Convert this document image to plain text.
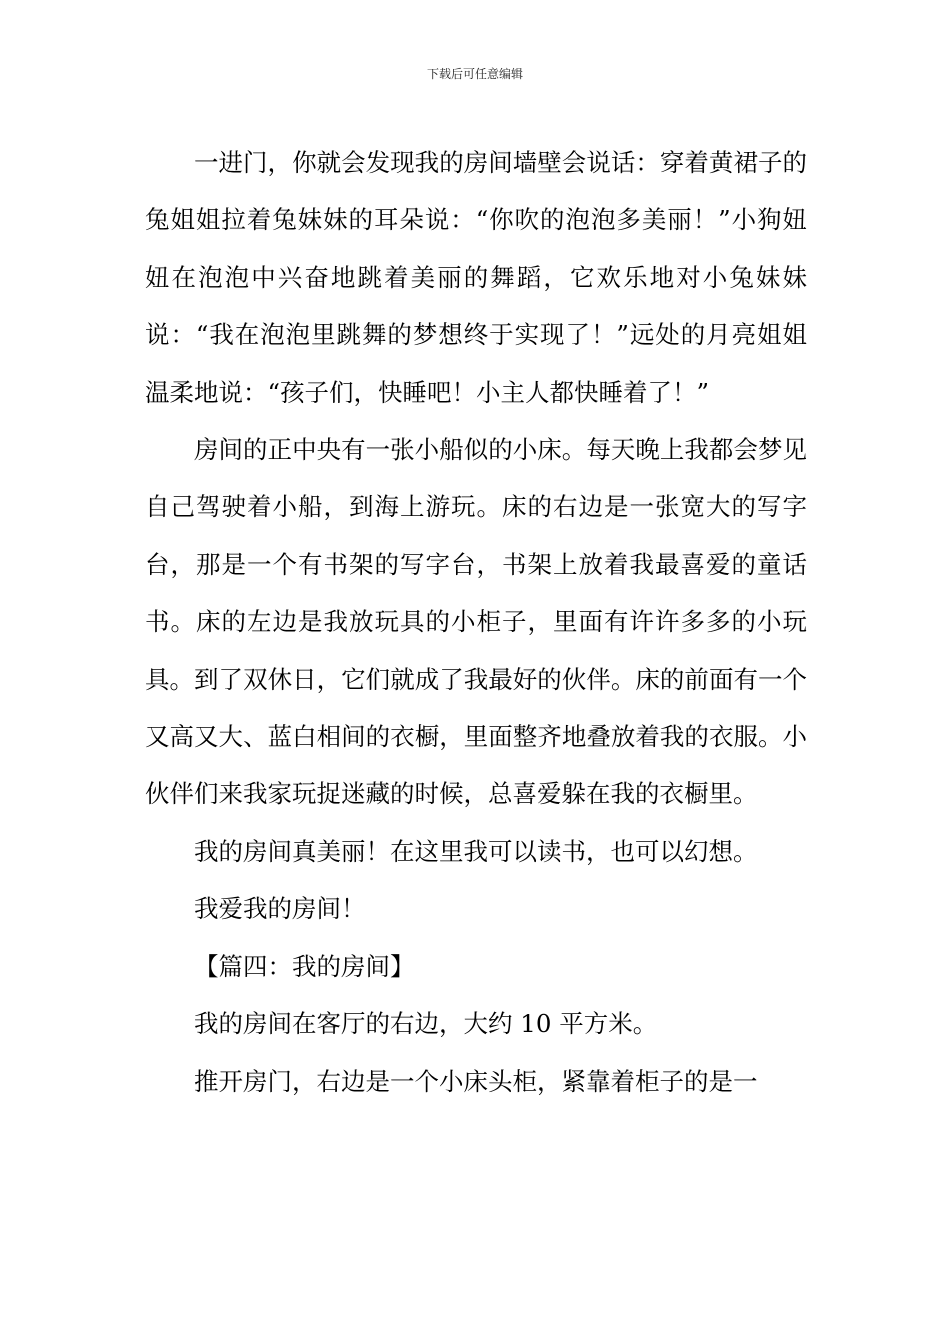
下载后可任意编辑

一进门，你就会发现我的房间墙壁会说话：穿着黄裙子的兔姐姐拉着兔妹妹的耳朵说：“你吹的泡泡多美丽！”小狗妞妞在泡泡中兴奋地跳着美丽的舞蹈，它欢乐地对小兔妹妹说：“我在泡泡里跳舞的梦想终于实现了！”远处的月亮姐姐温柔地说：“孩子们，快睡吧！小主人都快睡着了！”

房间的正中央有一张小船似的小床。每天晚上我都会梦见自己驾驶着小船，到海上游玩。床的右边是一张宽大的写字台，那是一个有书架的写字台，书架上放着我最喜爱的童话书。床的左边是我放玩具的小柜子，里面有许许多多的小玩具。到了双休日，它们就成了我最好的伙伴。床的前面有一个又高又大、蓝白相间的衣橱，里面整齐地叠放着我的衣服。小伙伴们来我家玩捉迷藏的时候，总喜爱躲在我的衣橱里。

我的房间真美丽！在这里我可以读书，也可以幻想。

我爱我的房间！

【篇四：我的房间】

我的房间在客厅的右边，大约 10 平方米。

推开房门，右边是一个小床头柜，紧靠着柜子的是一
